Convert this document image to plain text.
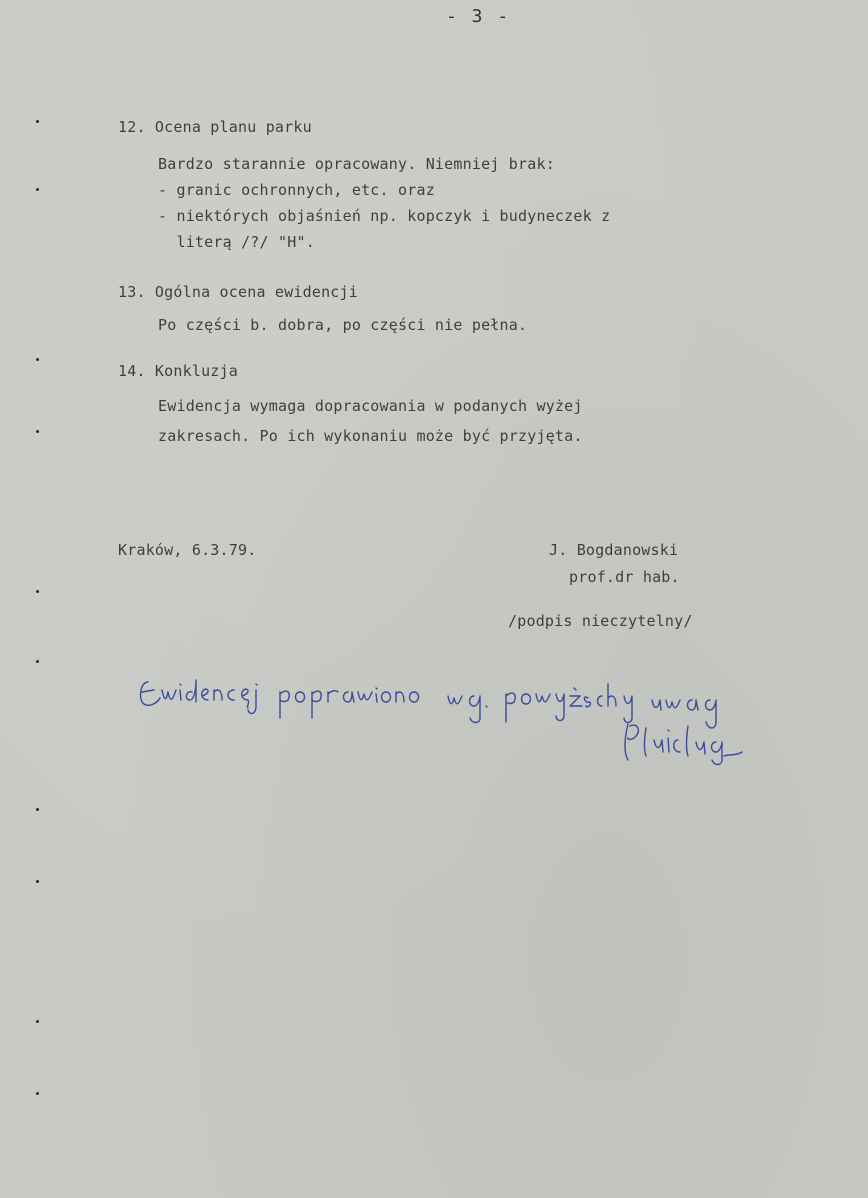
- 3 -
12. Ocena planu parku
Bardzo starannie opracowany. Niemniej brak:
- granic ochronnych, etc. oraz
- niektórych objaśnień np. kopczyk i budyneczek z
literą /?/ "H".
13. Ogólna ocena ewidencji
Po części b. dobra, po części nie pełna.
14. Konkluzja
Ewidencja wymaga dopracowania w podanych wyżej
zakresach. Po ich wykonaniu może być przyjęta.
Kraków, 6.3.79.	J. Bogdanowski
prof.dr hab.
/podpis nieczytelny/
